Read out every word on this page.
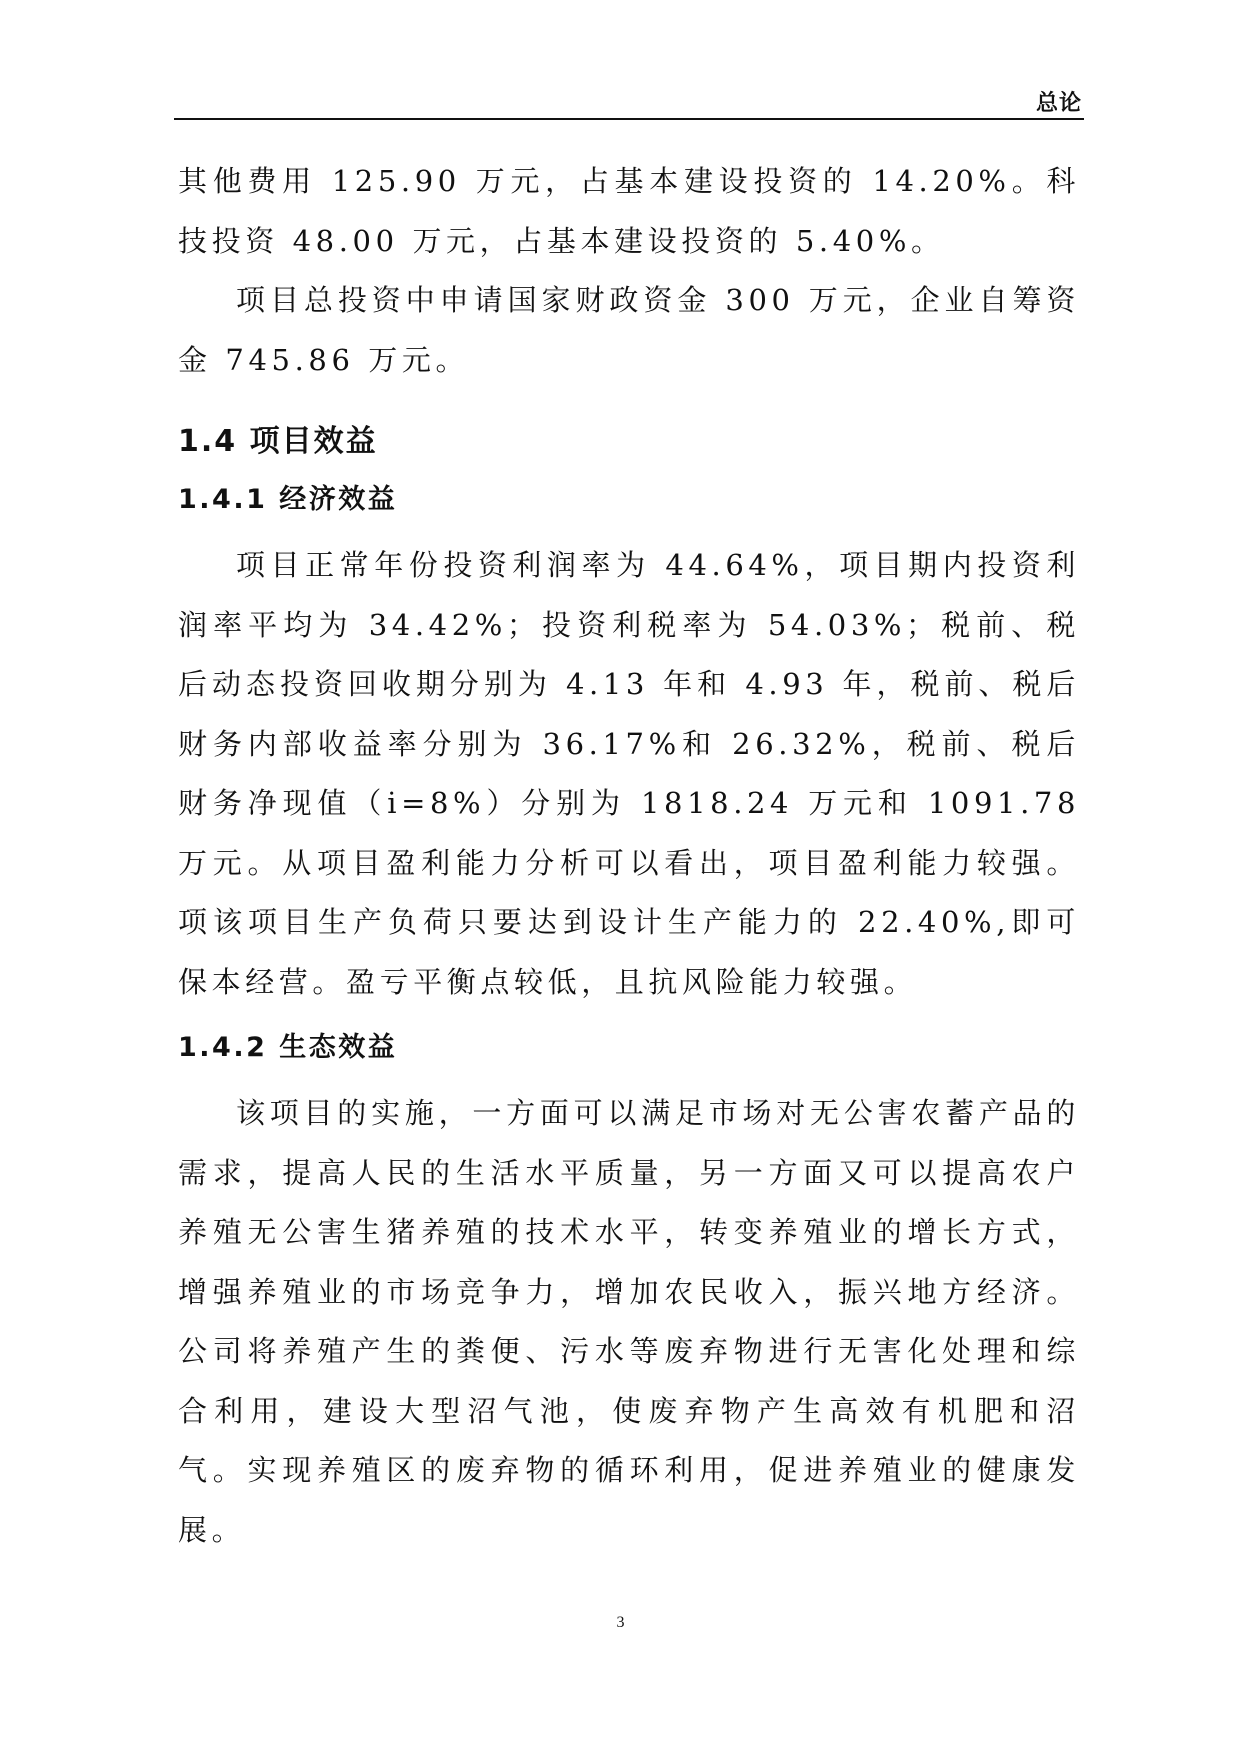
总论

其他费用 125.90 万元，占基本建设投资的 14.20%。科技投资 48.00 万元，占基本建设投资的 5.40%。

项目总投资中申请国家财政资金 300 万元，企业自筹资金 745.86 万元。

1.4 项目效益
1.4.1 经济效益

项目正常年份投资利润率为 44.64%，项目期内投资利润率平均为 34.42%；投资利税率为 54.03%；税前、税后动态投资回收期分别为 4.13 年和 4.93 年，税前、税后财务内部收益率分别为 36.17%和 26.32%，税前、税后财务净现值（i=8%）分别为 1818.24 万元和 1091.78 万元。从项目盈利能力分析可以看出，项目盈利能力较强。项该项目生产负荷只要达到设计生产能力的 22.40%,即可保本经营。盈亏平衡点较低，且抗风险能力较强。

1.4.2 生态效益

该项目的实施，一方面可以满足市场对无公害农蓄产品的需求，提高人民的生活水平质量，另一方面又可以提高农户养殖无公害生猪养殖的技术水平，转变养殖业的增长方式，增强养殖业的市场竞争力，增加农民收入，振兴地方经济。公司将养殖产生的粪便、污水等废弃物进行无害化处理和综合利用，建设大型沼气池，使废弃物产生高效有机肥和沼气。实现养殖区的废弃物的循环利用，促进养殖业的健康发展。

3
